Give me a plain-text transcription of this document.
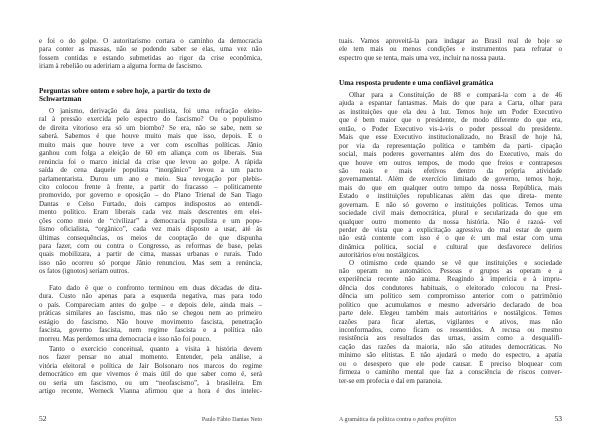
e foi o do golpe. O autoritarismo cortara o caminho da democracia
para conter as massas, não se podendo saber se elas, uma vez não
fossem contidas e estando submetidas ao rigor da crise econômica,
iriam à rebelião ou adeririam a alguma forma de fascismo.
Perguntas sobre ontem e sobre hoje, a partir do texto de
Schwartzman
O janismo, derivação da área paulista, foi uma refração eleito-
ral à pressão exercida pelo espectro do fascismo? Ou o populismo
de direita vitorioso era só um biombo? Se era, não se sabe, nem se
saberá. Sabemos é que houve muito mais que isso, depois. E o
muito mais que houve teve a ver com escolhas políticas. Jânio
ganhou com folga a eleição de 60 em aliança com os liberais. Sua
renúncia foi o marco inicial da crise que levou ao golpe. A rápida
saída de cena daquele populista “inorgânico” levou a um pacto
parlamentarista. Durou um ano e meio. Sua revogação por plebis-
cito colocou frente à frente, a partir do fracasso – politicamente
promovido, por governo e oposição – do Plano Trienal de San Tiago
Dantas e Celso Furtado, dois campos indispostos ao entendi-
mento político. Eram liberais cada vez mais descrentes em elei-
ções como meio de “civilizar” a democracia populista e um popu-
lismo oficialista, “orgânico”, cada vez mais disposto a usar, até às
últimas consequências, os meios de cooptação de que dispunha
para fazer, com ou contra o Congresso, as reformas de base, pelas
quais mobilizara, a partir de cima, massas urbanas e rurais. Tudo
isso não ocorreu só porque Jânio renunciou. Mas sem a renúncia,
os fatos (ignotos) seriam outros.
Fato dado é que o confronto terminou em duas décadas de dita-
dura. Custo não apenas para a esquerda negativa, mas para todo
o país. Compareciam antes do golpe – e depois dele, ainda mais –
práticas similares ao fascismo, mas não se chegou nem ao primeiro
estágio do fascismo. Não houve movimento fascista, penetração
fascista, governo fascista, nem regime fascista e a política não
morreu. Mas perdemos uma democracia e isso não foi pouco.
Tanto o exercício conceitual, quanto a visita à história devem
nos fazer pensar no atual momento. Entender, pela análise, a
vitória eleitoral e política de Jair Bolsonaro nos marcos do regime
democrático em que vivemos é mais útil do que saber como é, será
ou seria um fascismo, ou um “neofascismo”, à brasileira. Em
artigo recente, Werneck Vianna afirmou que a hora é dos intelec-
52	Paulo Fábio Dantas Neto
tuais. Vamos aproveitá-la para indagar ao Brasil real de hoje se
ele tem mais ou menos condições e instrumentos para refratar o
espectro que se tenta, mais uma vez, incluir na nossa pauta.
Uma resposta prudente e uma confiável gramática
Olhar para a Constituição de 88 e compará-la com a de 46
ajuda a espantar fantasmas. Mais do que para a Carta, olhar para
as instituições que ela deu à luz. Temos hoje um Poder Executivo
que é bem maior que o presidente, de modo diferente do que era,
então, o Poder Executivo vis-à-vis o poder pessoal do presidente.
Mais que esse Executivo institucionalizado, no Brasil de hoje há,
por via da representação política e também da parti- cipação
social, mais poderes governantes além dos do Executivo, mais do
que houve em outros tempos, de modo que freios e contrapesos
são reais e mais efetivos dentro da própria atividade
governamental. Além de exercício limitado de governo, temos hoje,
mais do que em qualquer outro tempo da nossa República, mais
Estado e instituições republicanas além das que direta- mente
governam. E não só governo e instituições políticas. Temos uma
sociedade civil mais democrática, plural e secularizada do que em
qualquer outro momento da nossa história. Não é razoá- vel
perder de vista que a explicitação agressiva do mal estar de quem
não está contente com isso é o que é: um mal estar com uma
dinâmica política, social e cultural que desfavorece delírios
autoritários e/ou nostálgicos.
O otimismo cede quando se vê que instituições e sociedade
não operam no automático. Pessoas e grupos as operam e a
experiência recente não anima. Reagindo à imperícia e à impru-
dência dos condutores habituais, o eleitorado colocou na Presi-
dência um político sem compromisso anterior com o patrimônio
político que acumulamos e mesmo adversário declarado de boa
parte dele. Elegeu também mais autoritários e nostálgicos. Temos
razões para ficar alertas, vigilantes e ativos, mas não
inconformados, como ficam os ressentidos. A recusa ou mesmo
resistência aos resultados das urnas, assim como a desqualifi-
cação das razões da maioria, não são atitudes democráticas. No
mínimo são elitistas. E não ajudará o medo do espectro, a apatia
ou o desespero que ele pode causar. É preciso bloquear com
firmeza o caminho mental que faz a consciência de riscos conver-
ter-se em profecia e daí em paranoia.
A gramática da política contra o pathos profético	53
